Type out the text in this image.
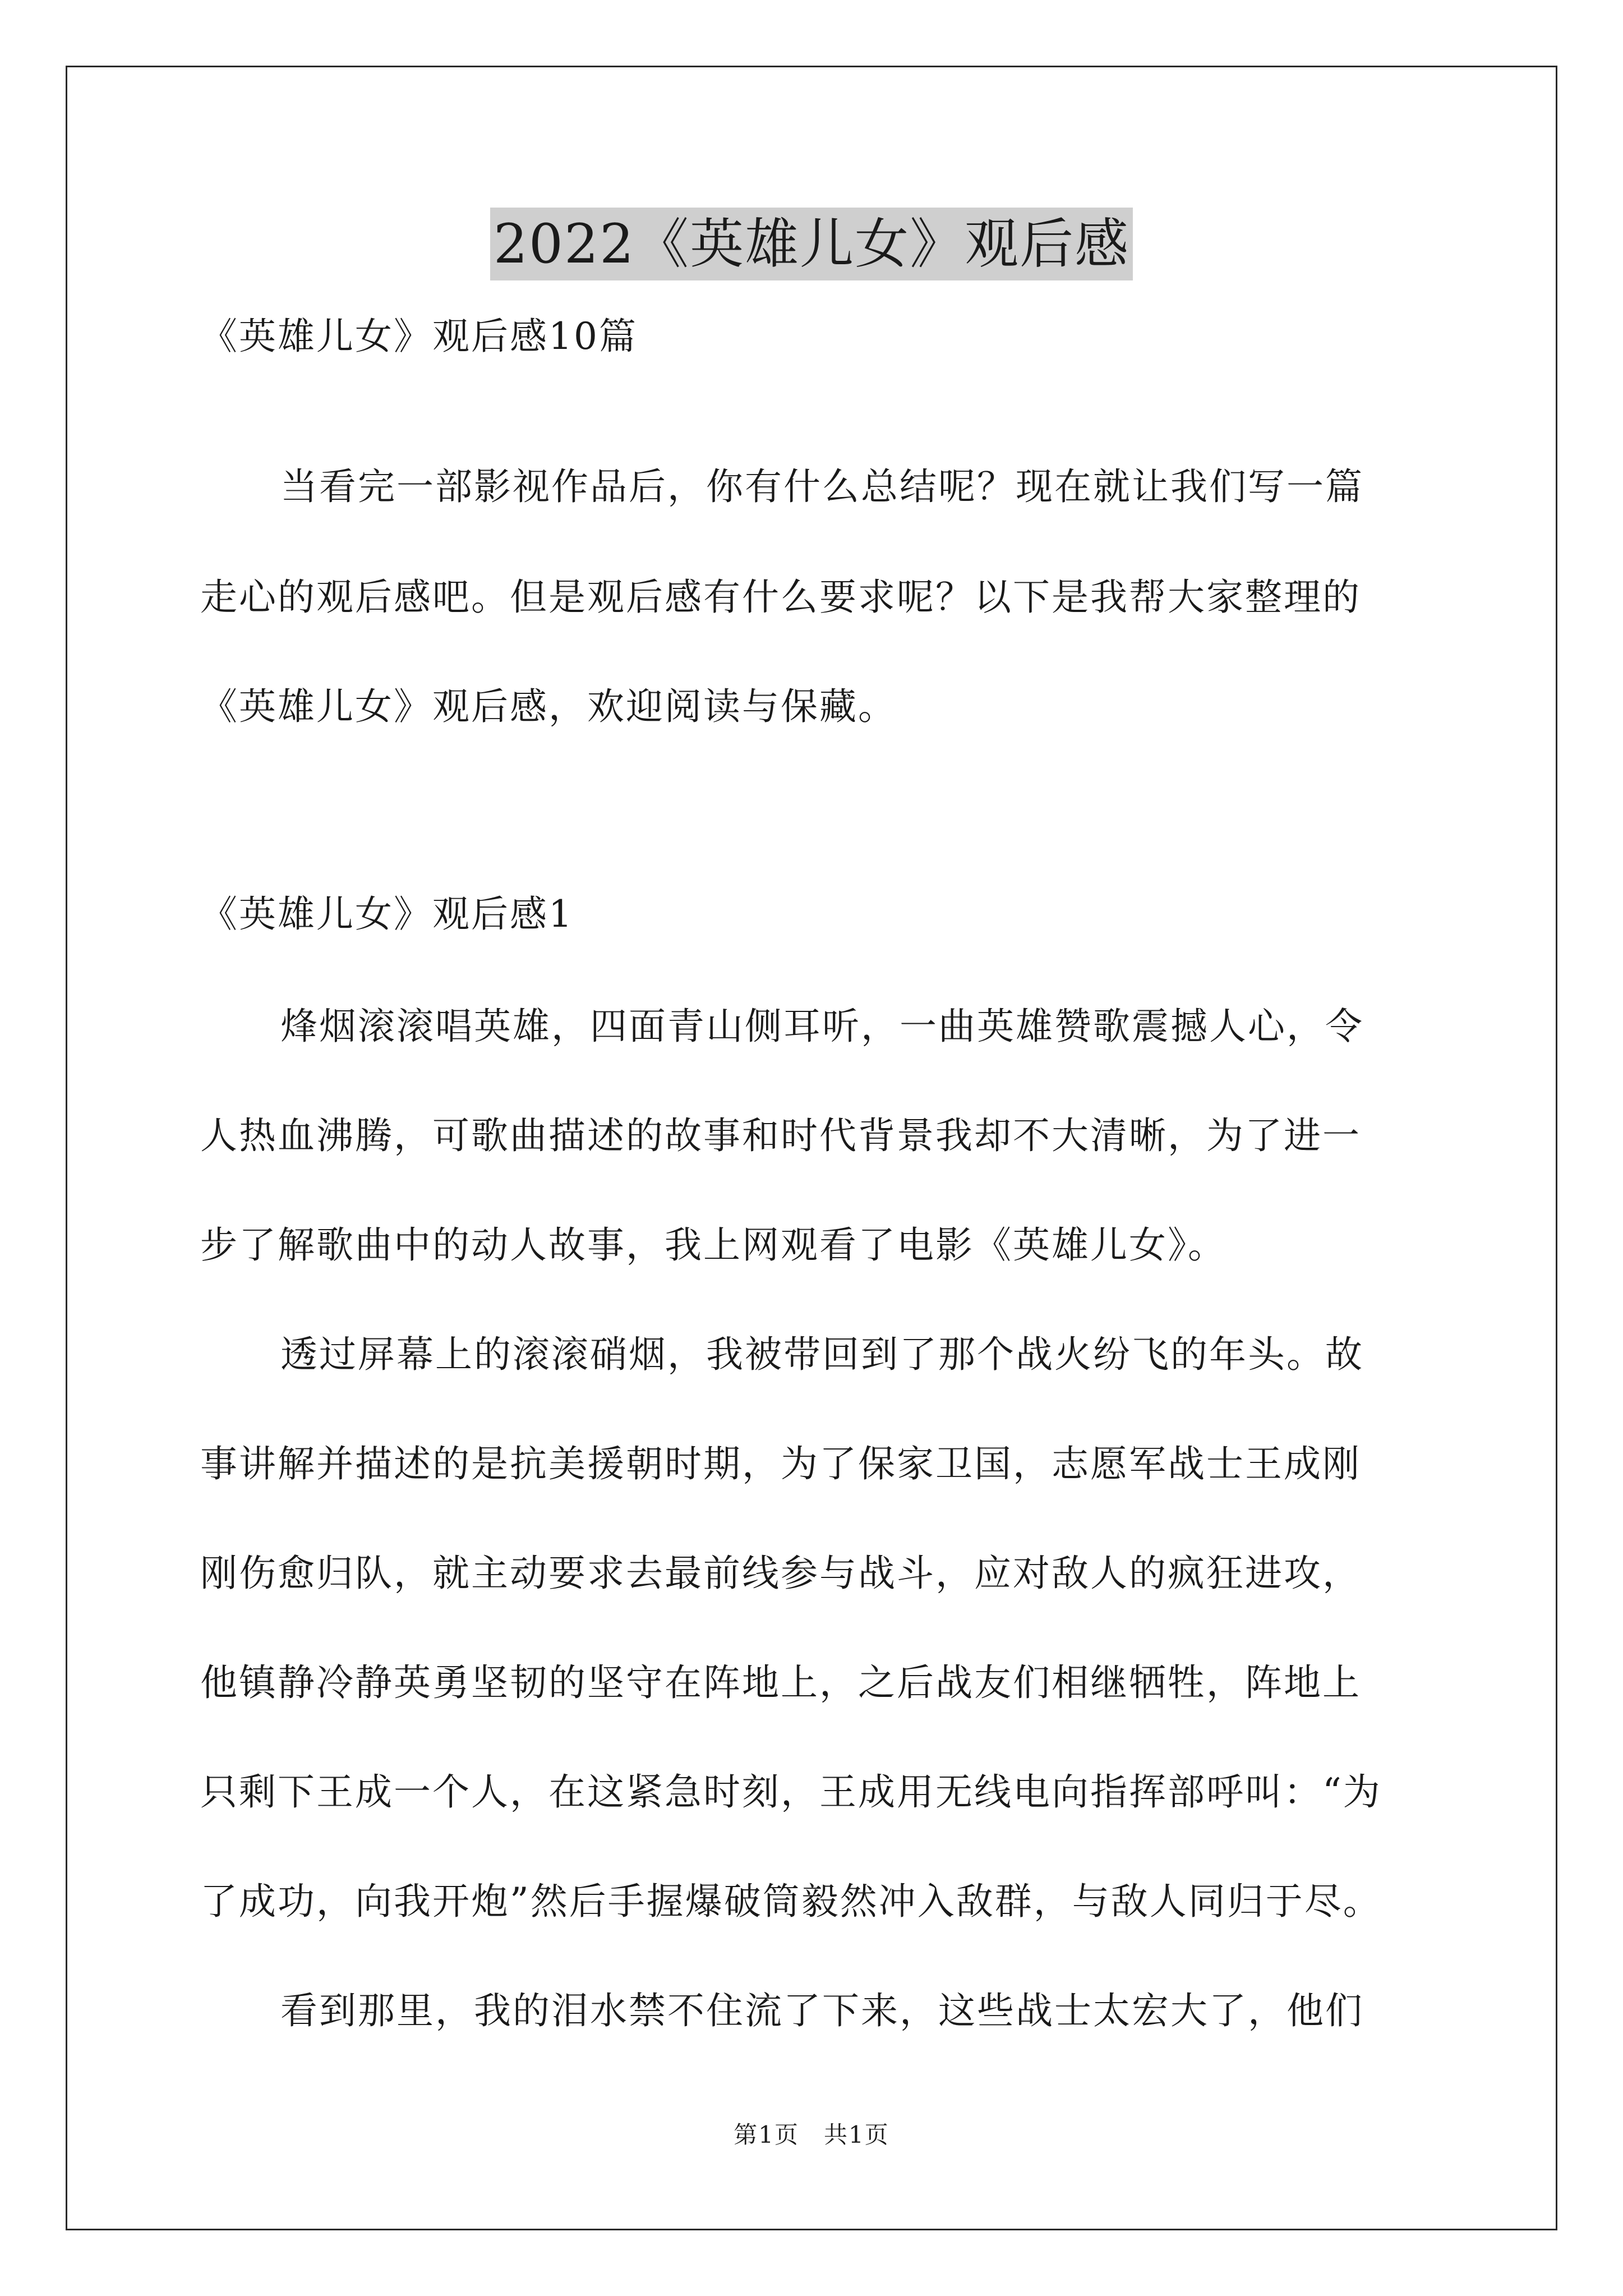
2022《英雄儿女》观后感
《英雄儿女》观后感10篇
当看完一部影视作品后，你有什么总结呢？现在就让我们写一篇
走心的观后感吧。但是观后感有什么要求呢？以下是我帮大家整理的
《英雄儿女》观后感，欢迎阅读与保藏。
《英雄儿女》观后感1
烽烟滚滚唱英雄，四面青山侧耳听，一曲英雄赞歌震撼人心，令
人热血沸腾，可歌曲描述的故事和时代背景我却不大清晰，为了进一
步了解歌曲中的动人故事，我上网观看了电影《英雄儿女》。
透过屏幕上的滚滚硝烟，我被带回到了那个战火纷飞的年头。故
事讲解并描述的是抗美援朝时期，为了保家卫国，志愿军战士王成刚
刚伤愈归队，就主动要求去最前线参与战斗，应对敌人的疯狂进攻，
他镇静冷静英勇坚韧的坚守在阵地上，之后战友们相继牺牲，阵地上
只剩下王成一个人，在这紧急时刻，王成用无线电向指挥部呼叫：“为
了成功，向我开炮”然后手握爆破筒毅然冲入敌群，与敌人同归于尽。
看到那里，我的泪水禁不住流了下来，这些战士太宏大了，他们
第1页　共1页
